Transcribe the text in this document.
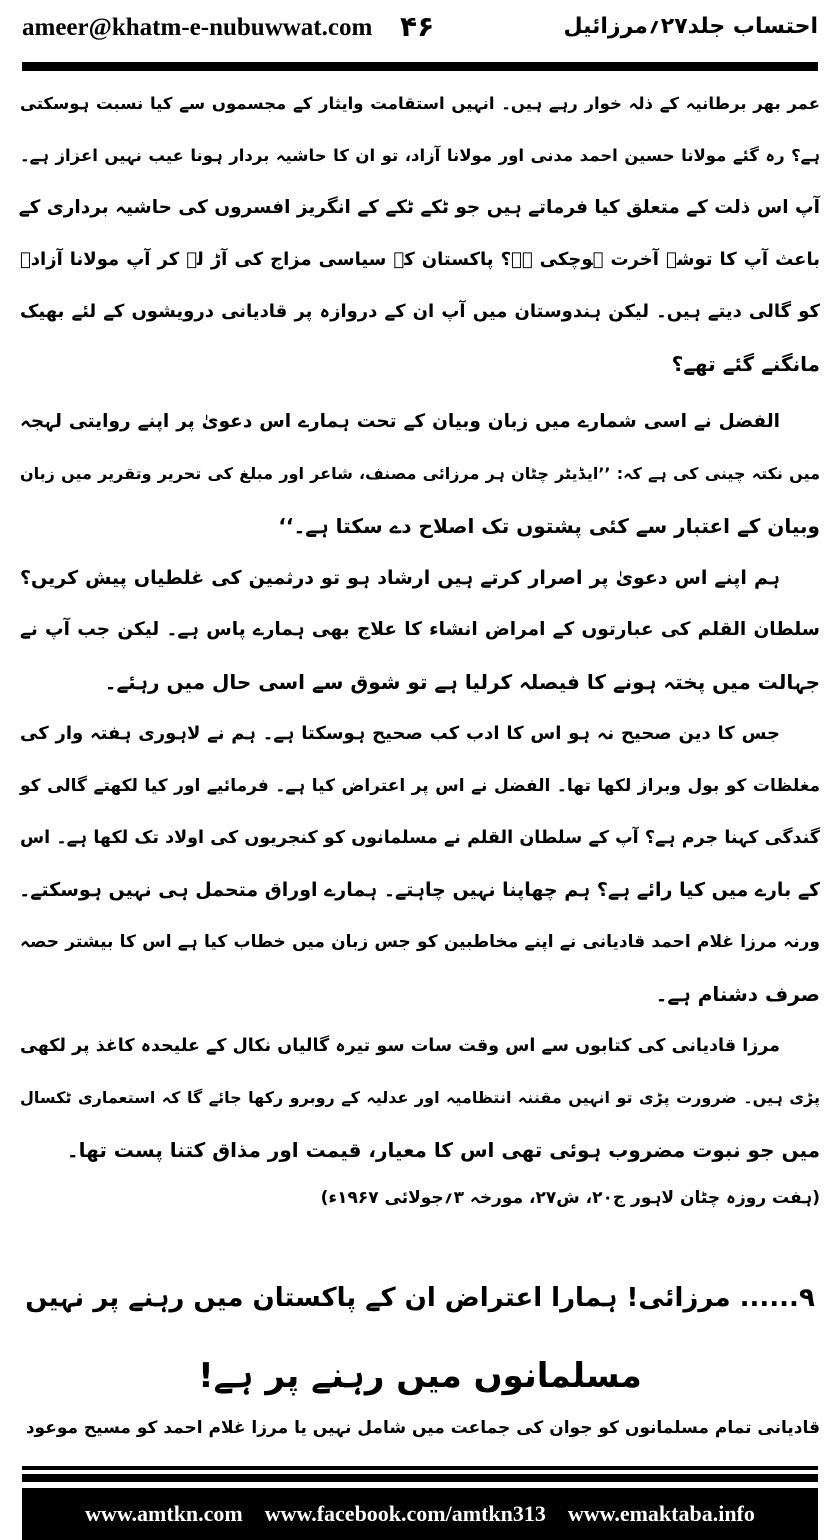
ameer@khatm-e-nubuwwat.com ۴۶	احتساب جلد۲۷؍مرزائیل
عمر بھر برطانیہ کے ذلہ خوار رہے ہیں۔ انہیں استقامت وایثار کے مجسموں سے کیا نسبت ہوسکتی
ہے؟ رہ گئے مولانا حسین احمد مدنی اور مولانا آزاد، تو ان کا حاشیہ بردار ہونا عیب نہیں اعزاز ہے۔
آپ اس ذلت کے متعلق کیا فرماتے ہیں جو ٹکے ٹکے کے انگریز افسروں کی حاشیہ برداری کے
باعث آپ کا توشۂ آخرت ہوچکی ہے؟ پاکستان کے سیاسی مزاج کی آڑ لے کر آپ مولانا آزادؒ
کو گالی دیتے ہیں۔ لیکن ہندوستان میں آپ ان کے دروازہ پر قادیانی درویشوں کے لئے بھیک
مانگنے گئے تھے؟
الفضل نے اسی شمارے میں زبان وبیان کے تحت ہمارے اس دعویٰ پر اپنے روایتی لہجہ
میں نکتہ چینی کی ہے کہ: ’’ایڈیٹر چٹان ہر مرزائی مصنف، شاعر اور مبلغ کی تحریر وتقریر میں زبان
وبیان کے اعتبار سے کئی پشتوں تک اصلاح دے سکتا ہے۔‘‘
ہم اپنے اس دعویٰ پر اصرار کرتے ہیں ارشاد ہو تو درثمین کی غلطیاں پیش کریں؟
سلطان القلم کی عبارتوں کے امراض انشاء کا علاج بھی ہمارے پاس ہے۔ لیکن جب آپ نے
جہالت میں پختہ ہونے کا فیصلہ کرلیا ہے تو شوق سے اسی حال میں رہئے۔
جس کا دین صحیح نہ ہو اس کا ادب کب صحیح ہوسکتا ہے۔ ہم نے لاہوری ہفتہ وار کی
مغلظات کو بول وبراز لکھا تھا۔ الفضل نے اس پر اعتراض کیا ہے۔ فرمائیے اور کیا لکھتے گالی کو
گندگی کہنا جرم ہے؟ آپ کے سلطان القلم نے مسلمانوں کو کنجریوں کی اولاد تک لکھا ہے۔ اس
کے بارے میں کیا رائے ہے؟ ہم چھاپنا نہیں چاہتے۔ ہمارے اوراق متحمل ہی نہیں ہوسکتے۔
ورنہ مرزا غلام احمد قادیانی نے اپنے مخاطبین کو جس زبان میں خطاب کیا ہے اس کا بیشتر حصہ
صرف دشنام ہے۔
مرزا قادیانی کی کتابوں سے اس وقت سات سو تیرہ گالیاں نکال کے علیحدہ کاغذ پر لکھی
پڑی ہیں۔ ضرورت پڑی تو انہیں مقننہ انتظامیہ اور عدلیہ کے روبرو رکھا جائے گا کہ استعماری ٹکسال
میں جو نبوت مضروب ہوئی تھی اس کا معیار، قیمت اور مذاق کتنا پست تھا۔
(ہفت روزہ چٹان لاہور ج۲۰، ش۲۷، مورخہ ۳؍جولائی ۱۹۶۷ء)
۹...... مرزائی! ہمارا اعتراض ان کے پاکستان میں رہنے پر نہیں
مسلمانوں میں رہنے پر ہے!
قادیانی تمام مسلمانوں کو جوان کی جماعت میں شامل نہیں یا مرزا غلام احمد کو مسیح موعود
www.amtkn.com www.facebook.com/amtkn313 www.emaktaba.info
